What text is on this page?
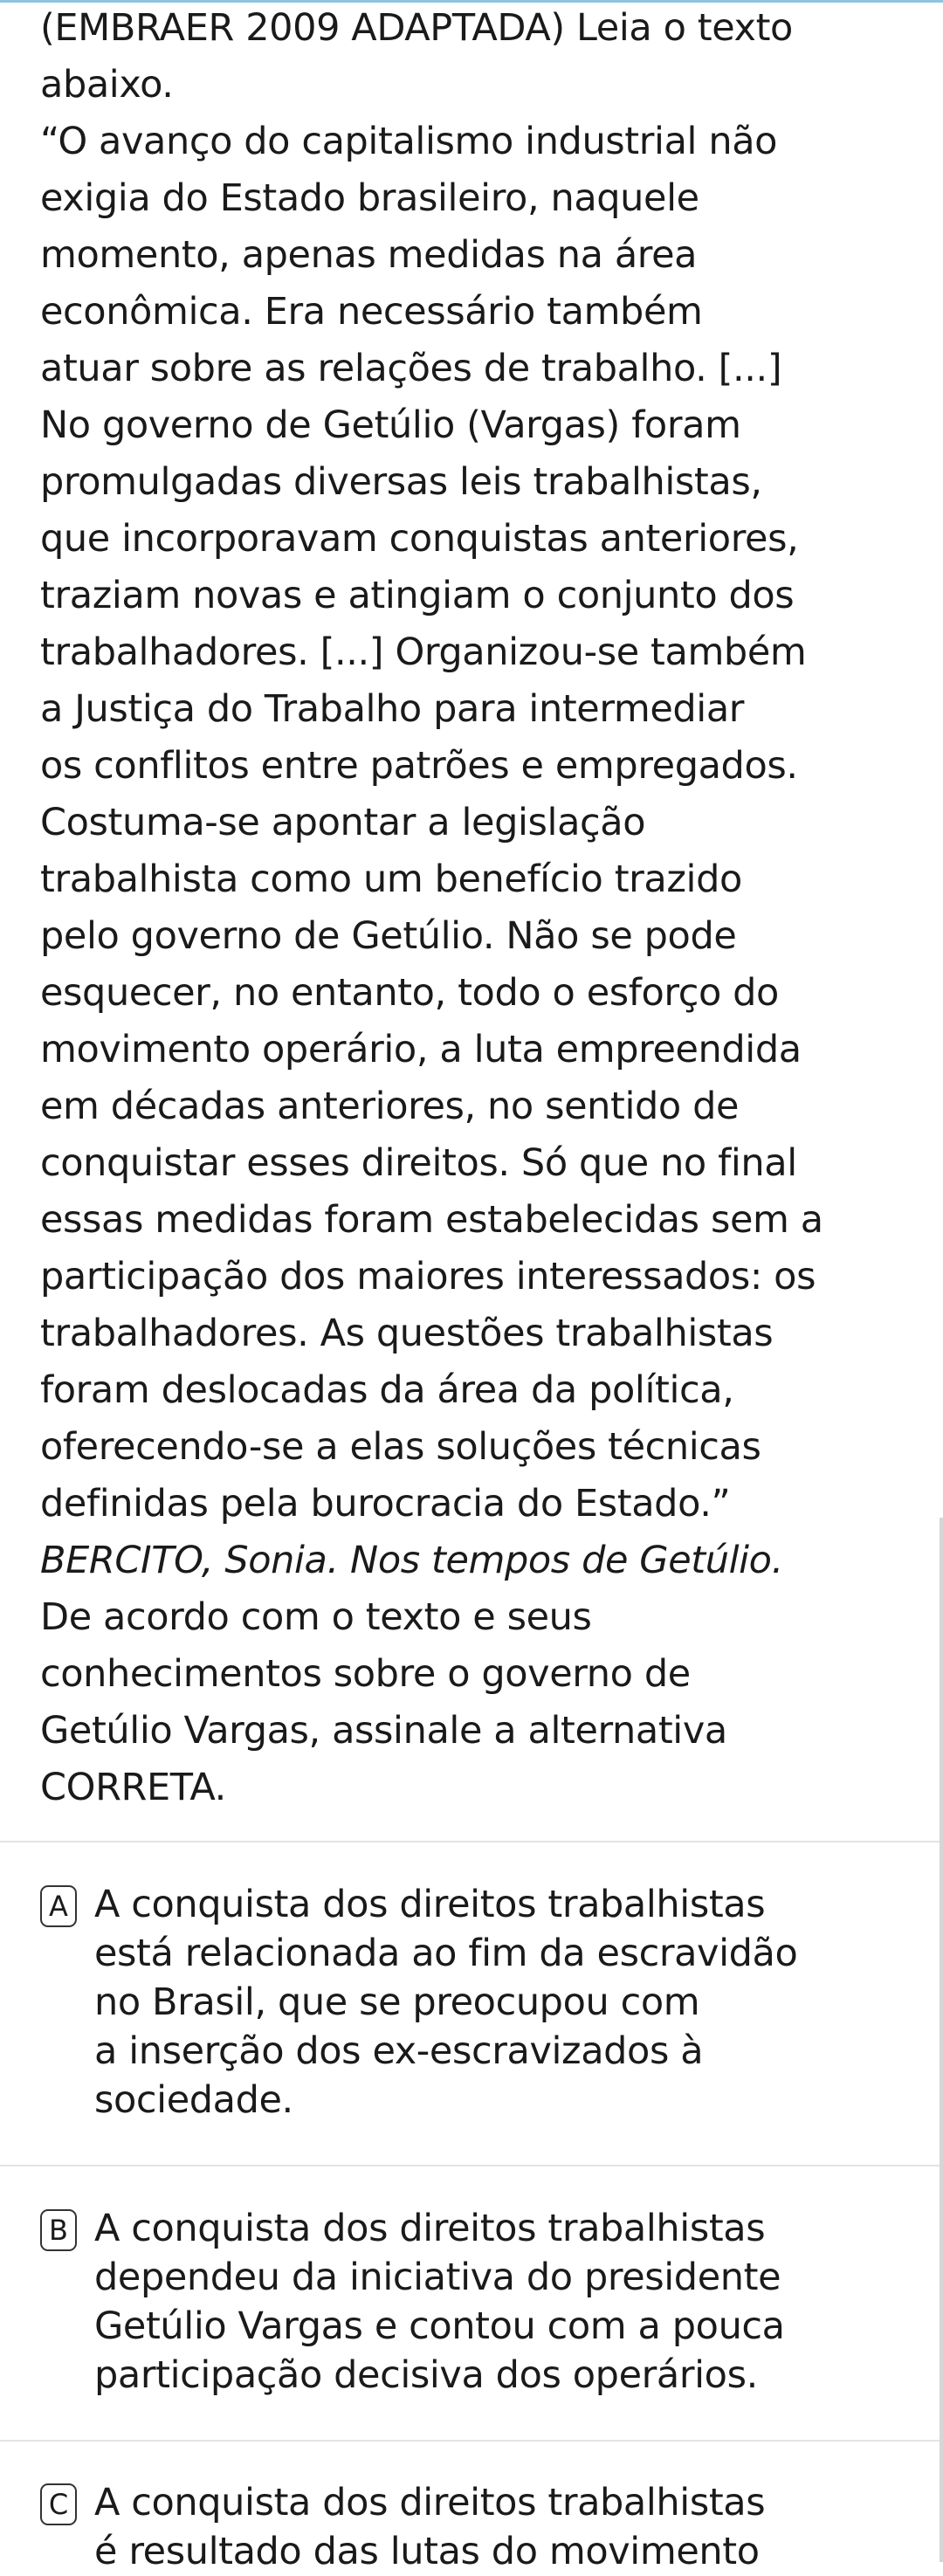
(EMBRAER 2009 ADAPTADA) Leia o texto
abaixo.

“O avanço do capitalismo industrial não
exigia do Estado brasileiro, naquele
momento, apenas medidas na área
econômica. Era necessário também
atuar sobre as relações de trabalho. [...]
No governo de Getúlio (Vargas) foram
promulgadas diversas leis trabalhistas,
que incorporavam conquistas anteriores,
traziam novas e atingiam o conjunto dos
trabalhadores. [...] Organizou-se também
a Justiça do Trabalho para intermediar
os conflitos entre patrões e empregados.
Costuma-se apontar a legislação
trabalhista como um benefício trazido
pelo governo de Getúlio. Não se pode
esquecer, no entanto, todo o esforço do
movimento operário, a luta empreendida
em décadas anteriores, no sentido de
conquistar esses direitos. Só que no final
essas medidas foram estabelecidas sem a
participação dos maiores interessados: os
trabalhadores. As questões trabalhistas
foram deslocadas da área da política,
oferecendo-se a elas soluções técnicas
definidas pela burocracia do Estado.”

BERCITO, Sonia. Nos tempos de Getúlio.

De acordo com o texto e seus
conhecimentos sobre o governo de
Getúlio Vargas, assinale a alternativa
CORRETA.

A A conquista dos direitos trabalhistas
está relacionada ao fim da escravidão
no Brasil, que se preocupou com
a inserção dos ex-escravizados à
sociedade.
B A conquista dos direitos trabalhistas
dependeu da iniciativa do presidente
Getúlio Vargas e contou com a pouca
participação decisiva dos operários.
C A conquista dos direitos trabalhistas
é resultado das lutas do movimento
